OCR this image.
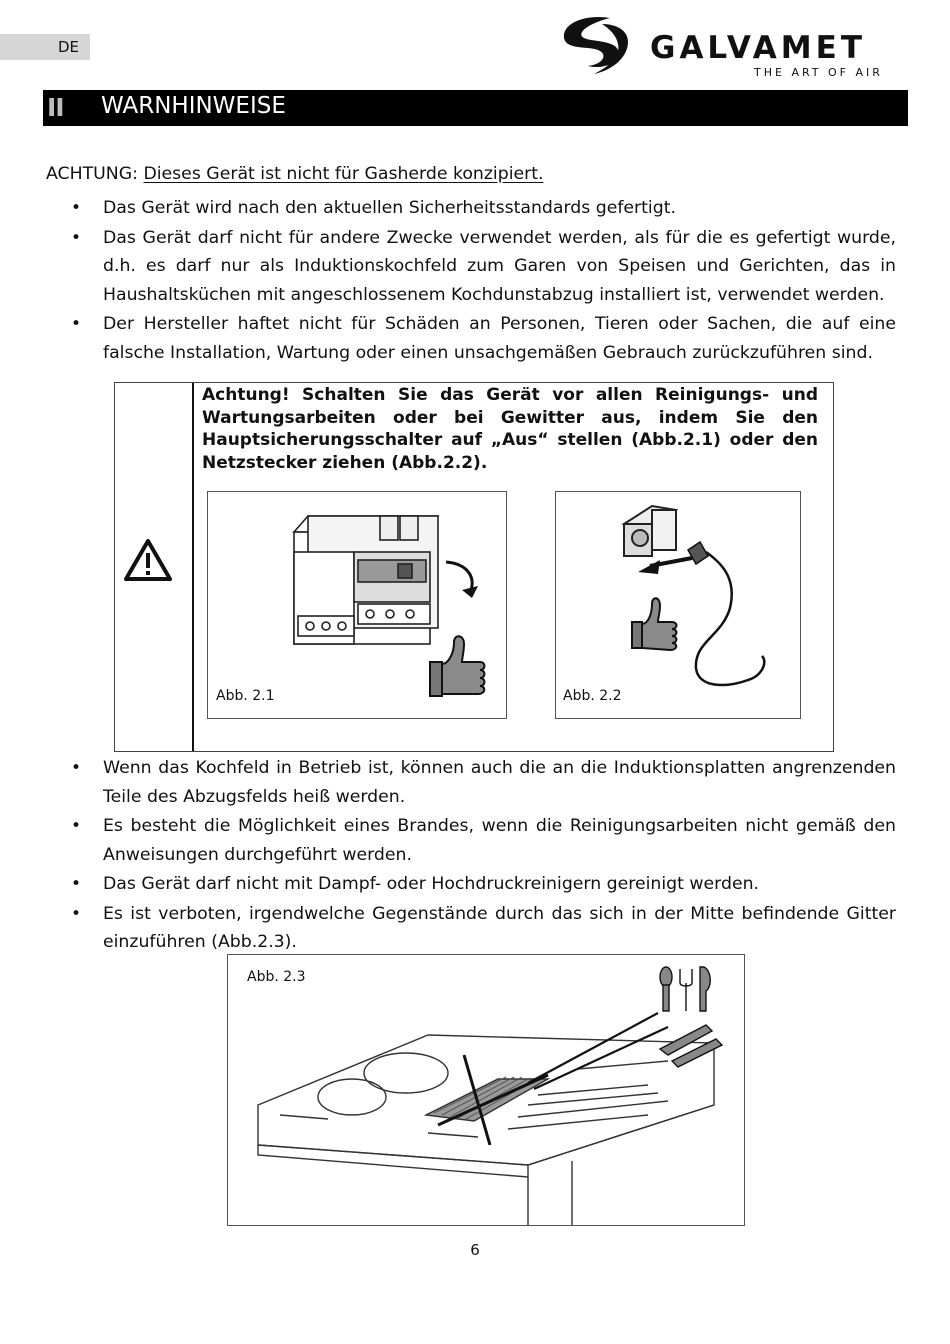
DE	GALVAMET
THE ART OF AIR
II WARNHINWEISE
ACHTUNG: Dieses Gerät ist nicht für Gasherde konzipiert.
• Das Gerät wird nach den aktuellen Sicherheitsstandards gefertigt.
• Das Gerät darf nicht für andere Zwecke verwendet werden, als für die es gefertigt wurde, d.h. es darf nur als Induktionskochfeld zum Garen von Speisen und Gerichten, das in Haushaltsküchen mit angeschlossenem Kochdunstabzug installiert ist, verwendet werden.
• Der Hersteller haftet nicht für Schäden an Personen, Tieren oder Sachen, die auf eine falsche Installation, Wartung oder einen unsachgemäßen Gebrauch zurückzuführen sind.
Achtung! Schalten Sie das Gerät vor allen Reinigungs- und Wartungsarbeiten oder bei Gewitter aus, indem Sie den Hauptsicherungsschalter auf „Aus“ stellen (Abb.2.1) oder den Netzstecker ziehen (Abb.2.2).
Abb. 2.1	Abb. 2.2
• Wenn das Kochfeld in Betrieb ist, können auch die an die Induktionsplatten angrenzenden Teile des Abzugsfelds heiß werden.
• Es besteht die Möglichkeit eines Brandes, wenn die Reinigungsarbeiten nicht gemäß den Anweisungen durchgeführt werden.
• Das Gerät darf nicht mit Dampf- oder Hochdruckreinigern gereinigt werden.
• Es ist verboten, irgendwelche Gegenstände durch das sich in der Mitte befindende Gitter einzuführen (Abb.2.3).
Abb. 2.3
6
